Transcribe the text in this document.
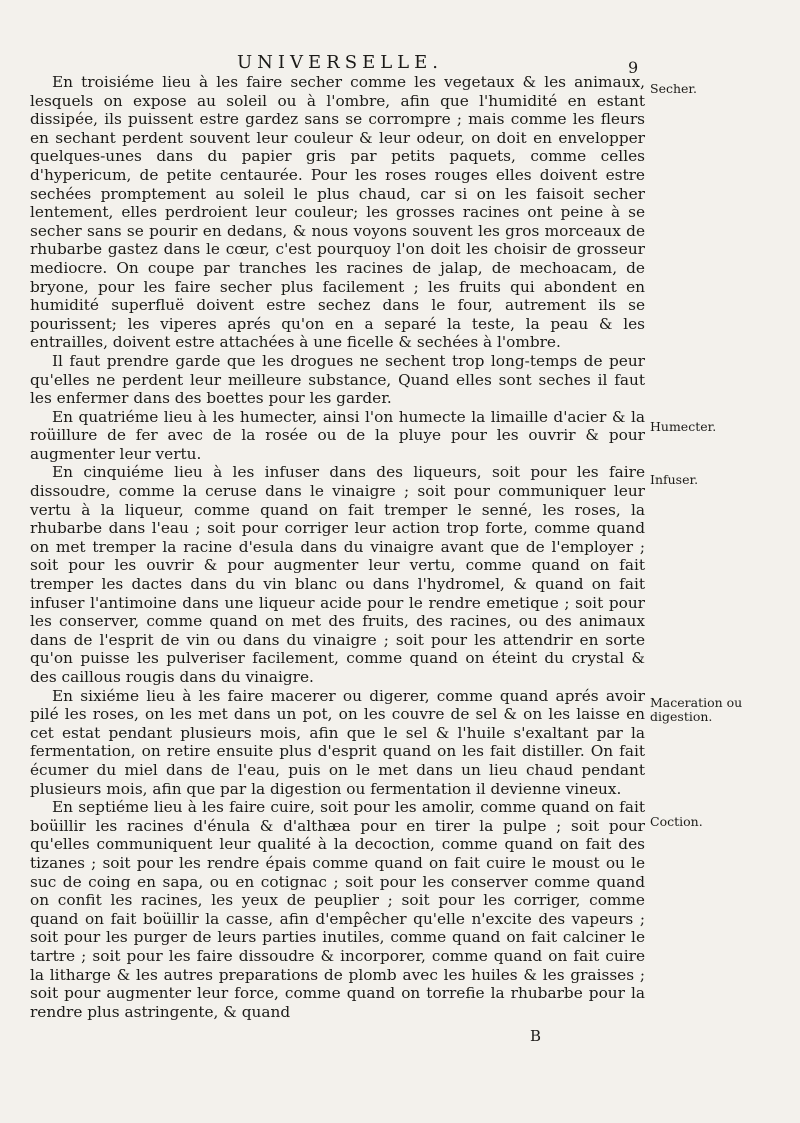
UNIVERSELLE.	9

En troisiéme lieu à les faire secher comme les vegetaux & les animaux, lesquels on expose au soleil ou à l'ombre, afin que l'humidité en estant dissipée, ils puissent estre gardez sans se corrompre ; mais comme les fleurs en sechant perdent souvent leur couleur & leur odeur, on doit en envelopper quelques-unes dans du papier gris par petits paquets, comme celles d'hypericum, de petite centaurée. Pour les roses rouges elles doivent estre sechées promptement au soleil le plus chaud, car si on les faisoit secher lentement, elles perdroient leur couleur; les grosses racines ont peine à se secher sans se pourir en dedans, & nous voyons souvent les gros morceaux de rhubarbe gastez dans le cœur, c'est pourquoy l'on doit les choisir de grosseur mediocre. On coupe par tranches les racines de jalap, de mechoacam, de bryone, pour les faire secher plus facilement ; les fruits qui abondent en humidité superfluë doivent estre sechez dans le four, autrement ils se pourissent; les viperes aprés qu'on en a separé la teste, la peau & les entrailles, doivent estre attachées à une ficelle & sechées à l'ombre.

Il faut prendre garde que les drogues ne sechent trop long-temps de peur qu'elles ne perdent leur meilleure substance, Quand elles sont seches il faut les enfermer dans des boettes pour les garder.

En quatriéme lieu à les humecter, ainsi l'on humecte la limaille d'acier & la roüillure de fer avec de la rosée ou de la pluye pour les ouvrir & pour augmenter leur vertu.

En cinquiéme lieu à les infuser dans des liqueurs, soit pour les faire dissoudre, comme la ceruse dans le vinaigre ; soit pour communiquer leur vertu à la liqueur, comme quand on fait tremper le senné, les roses, la rhubarbe dans l'eau ; soit pour corriger leur action trop forte, comme quand on met tremper la racine d'esula dans du vinaigre avant que de l'employer ; soit pour les ouvrir & pour augmenter leur vertu, comme quand on fait tremper les dactes dans du vin blanc ou dans l'hydromel, & quand on fait infuser l'antimoine dans une liqueur acide pour le rendre emetique ; soit pour les conserver, comme quand on met des fruits, des racines, ou des animaux dans de l'esprit de vin ou dans du vinaigre ; soit pour les attendrir en sorte qu'on puisse les pulveriser facilement, comme quand on éteint du crystal & des caillous rougis dans du vinaigre.

En sixiéme lieu à les faire macerer ou digerer, comme quand aprés avoir pilé les roses, on les met dans un pot, on les couvre de sel & on les laisse en cet estat pendant plusieurs mois, afin que le sel & l'huile s'exaltant par la fermentation, on retire ensuite plus d'esprit quand on les fait distiller. On fait écumer du miel dans de l'eau, puis on le met dans un lieu chaud pendant plusieurs mois, afin que par la digestion ou fermentation il devienne vineux.

En septiéme lieu à les faire cuire, soit pour les amolir, comme quand on fait boüillir les racines d'énula & d'althæa pour en tirer la pulpe ; soit pour qu'elles communiquent leur qualité à la decoction, comme quand on fait des tizanes ; soit pour les rendre épais comme quand on fait cuire le moust ou le suc de coing en sapa, ou en cotignac ; soit pour les conserver comme quand on confit les racines, les yeux de peuplier ; soit pour les corriger, comme quand on fait boüillir la casse, afin d'empêcher qu'elle n'excite des vapeurs ; soit pour les purger de leurs parties inutiles, comme quand on fait calciner le tartre ; soit pour les faire dissoudre & incorporer, comme quand on fait cuire la litharge & les autres preparations de plomb avec les huiles & les graisses ; soit pour augmenter leur force, comme quand on torrefie la rhubarbe pour la rendre plus astringente, & quand

Secher.
Humecter.
Infuser.
Maceration ou digestion.
Coction.
B
